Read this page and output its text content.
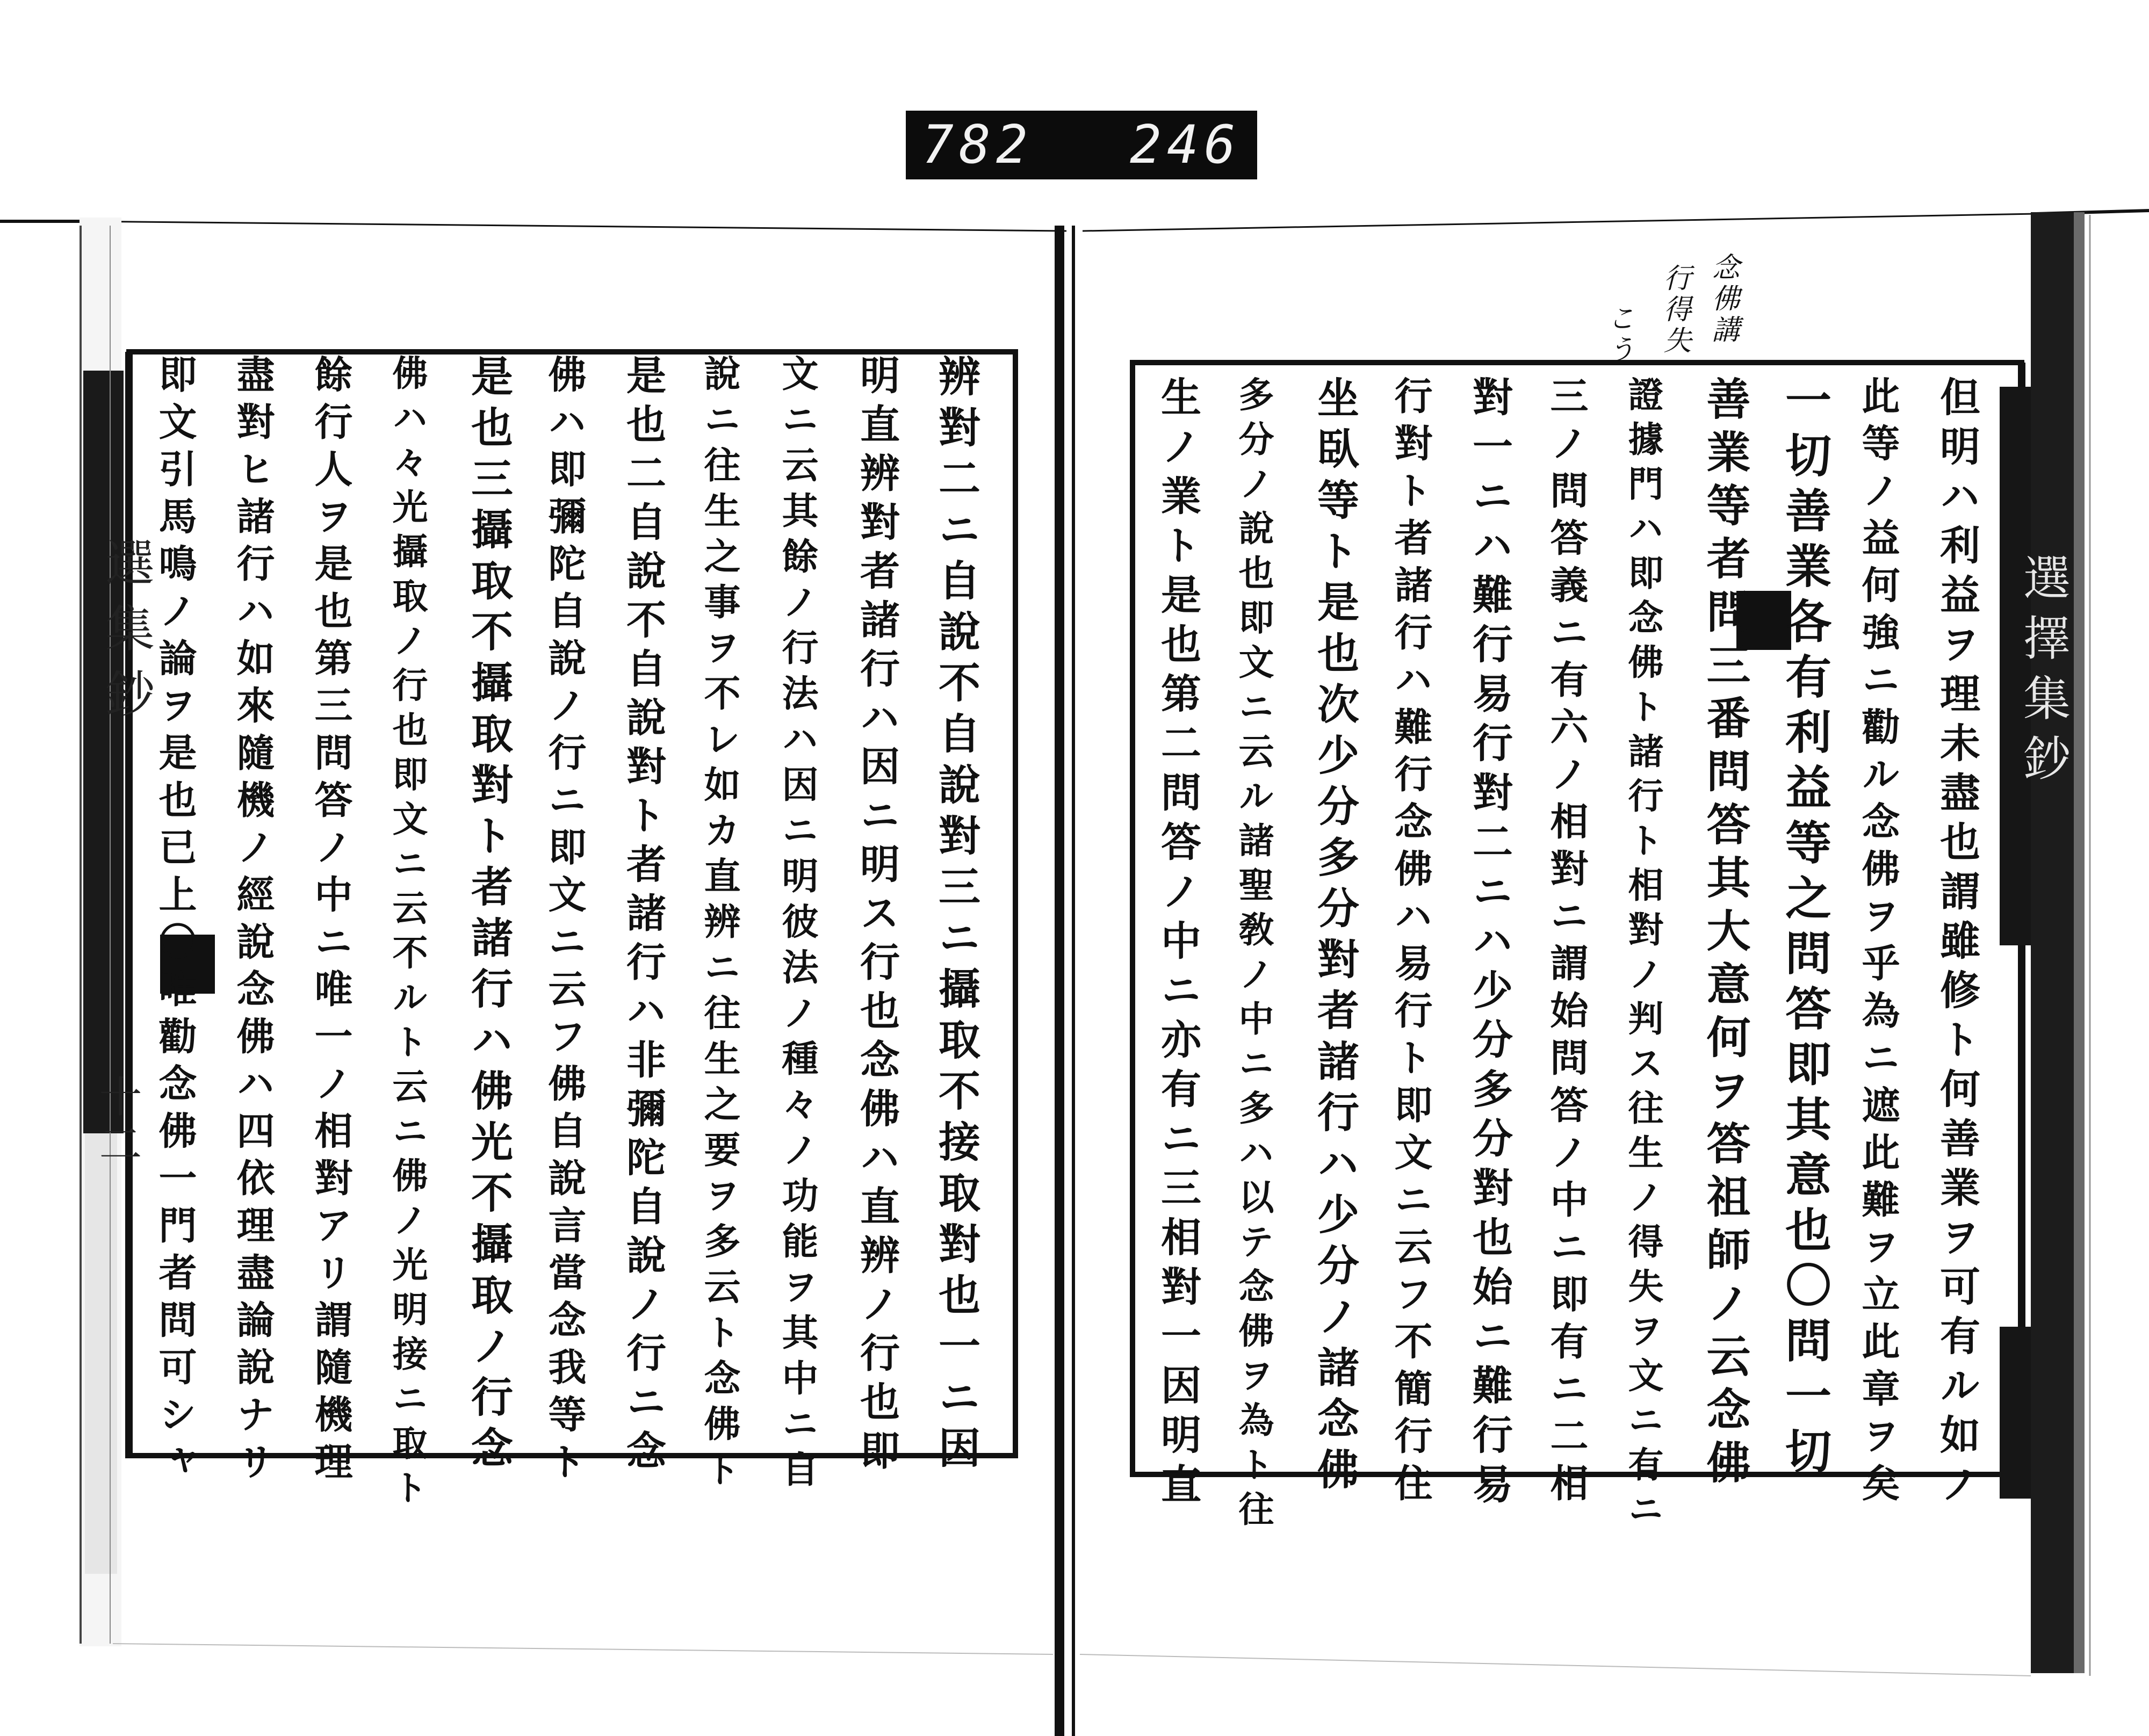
782 246
念佛講
行得失
こう
選集鈔
十二
選擇集鈔
但明ハ利益ヲ理未盡也謂雖修ト何善業ヲ可有ル如ノ
此等ノ益何強ニ勸ル念佛ヲ乎為ニ遮此難ヲ立此章ヲ矣
一切善業各有利益等之問答即其意也〇問一切
善業等者問三番問答其大意何ヲ答祖師ノ云念佛
證據門ハ即念佛ト諸行ト相對ノ判ス往生ノ得失ヲ文ニ有ニ
三ノ問答義ニ有六ノ相對ニ謂始問答ノ中ニ即有ニ二相
對一ニハ難行易行對二ニハ少分多分對也始ニ難行易
行對ト者諸行ハ難行念佛ハ易行ト即文ニ云フ不簡行住
坐臥等ト是也次少分多分對者諸行ハ少分ノ諸念佛
多分ノ說也即文ニ云ル諸聖敎ノ中ニ多ハ以テ念佛ヲ為ト往
生ノ業ト是也第二問答ノ中ニ亦有ニ三相對一因明直
辨對二ニ自說不自說對三ニ攝取不接取對也一ニ因
明直辨對者諸行ハ因ニ明ス行也念佛ハ直辨ノ行也即
文ニ云其餘ノ行法ハ因ニ明彼法ノ種々ノ功能ヲ其中ニ自
說ニ往生之事ヲ不レ如カ直辨ニ往生之要ヲ多云ト念佛ト
是也二自說不自說對ト者諸行ハ非彌陀自說ノ行ニ念
佛ハ即彌陀自說ノ行ニ即文ニ云フ佛自說言當念我等ト
是也三攝取不攝取對ト者諸行ハ佛光不攝取ノ行念
佛ハ々光攝取ノ行也即文ニ云不ルト云ニ佛ノ光明接ニ取ト
餘行人ヲ是也第三問答ノ中ニ唯一ノ相對アリ謂隨機理
盡對ヒ諸行ハ如來隨機ノ經說念佛ハ四依理盡論說ナリ
即文引馬鳴ノ論ヲ是也已上〇唯勸念佛一門者問可シャ
